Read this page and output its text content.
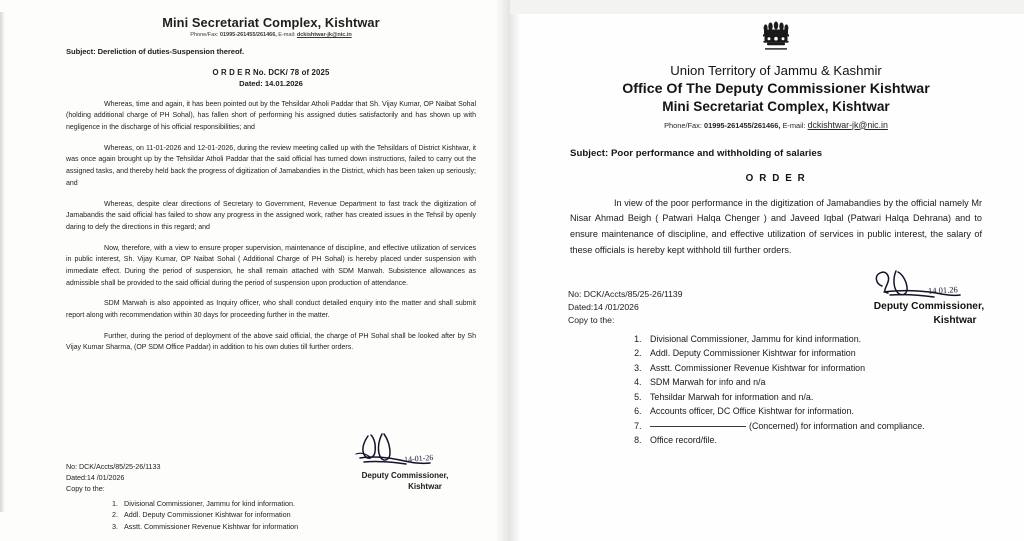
Mini Secretariat Complex, Kishtwar
Phone/Fax: 01995-261455/261466, E-mail: dckishtwar-jk@nic.in
Subject: Dereliction of duties-Suspension thereof.
O R D E R No. DCK/ 78 of 2025
Dated: 14.01.2026

Whereas, time and again, it has been pointed out by the Tehsildar Atholi Paddar that Sh. Vijay Kumar, OP Naibat Sohal (holding additional charge of PH Sohal), has fallen short of performing his assigned duties satisfactorily and has shown up with negligence in the discharge of his official responsibilities; and

Whereas, on 11-01-2026 and 12-01-2026, during the review meeting called up with the Tehsildars of District Kishtwar, it was once again brought up by the Tehsildar Atholi Paddar that the said official has turned down instructions, failed to carry out the assigned tasks, and thereby held back the progress of digitization of Jamabandies in the District, which has been taken up seriously; and

Whereas, despite clear directions of Secretary to Government, Revenue Department to fast track the digitization of Jamabandis the said official has failed to show any progress in the assigned work, rather has created issues in the Tehsil by openly daring to defy the directions in this regard; and

Now, therefore, with a view to ensure proper supervision, maintenance of discipline, and effective utilization of services in public interest, Sh. Vijay Kumar, OP Naibat Sohal ( Additional Charge of PH Sohal) is hereby placed under suspension with immediate effect. During the period of suspension, he shall remain attached with SDM Marwah. Subsistence allowances as admissible shall be provided to the said official during the period of suspension upon production of attendance.

SDM Marwah is also appointed as Inquiry officer, who shall conduct detailed enquiry into the matter and shall submit report along with recommendation within 30 days for proceeding further in the matter.

Further, during the period of deployment of the above said official, the charge of PH Sohal shall be looked after by Sh Vijay Kumar Sharma, (OP SDM Office Paddar) in addition to his own duties till further orders.

14-01-26
Deputy Commissioner,
Kishtwar
No: DCK/Accts/85/25-26/1133
Dated:14 /01/2026
Copy to the:
1. Divisional Commissioner, Jammu for kind information.
2. Addl. Deputy Commissioner Kishtwar for information
3. Asstt. Commissioner Revenue Kishtwar for information
Union Territory of Jammu & Kashmir
Office Of The Deputy Commissioner Kishtwar
Mini Secretariat Complex, Kishtwar
Phone/Fax: 01995-261455/261466, E-mail: dckishtwar-jk@nic.in
Subject: Poor performance and withholding of salaries
O R D E R

In view of the poor performance in the digitization of Jamabandies by the official namely Mr Nisar Ahmad Beigh ( Patwari Halqa Chenger ) and Javeed Iqbal (Patwari Halqa Dehrana) and to ensure maintenance of discipline, and effective utilization of services in public interest, the salary of these officials is hereby kept withhold till further orders.

14.01.26
Deputy Commissioner,
Kishtwar
No: DCK/Accts/85/25-26/1139
Dated:14 /01/2026
Copy to the:
1. Divisional Commissioner, Jammu for kind information.
2. Addl. Deputy Commissioner Kishtwar for information
3. Asstt. Commissioner Revenue Kishtwar for information
4. SDM Marwah for info and n/a
5. Tehsildar Marwah for information and n/a.
6. Accounts officer, DC Office Kishtwar for information.
7. (Concerned) for information and compliance.
8. Office record/file.
